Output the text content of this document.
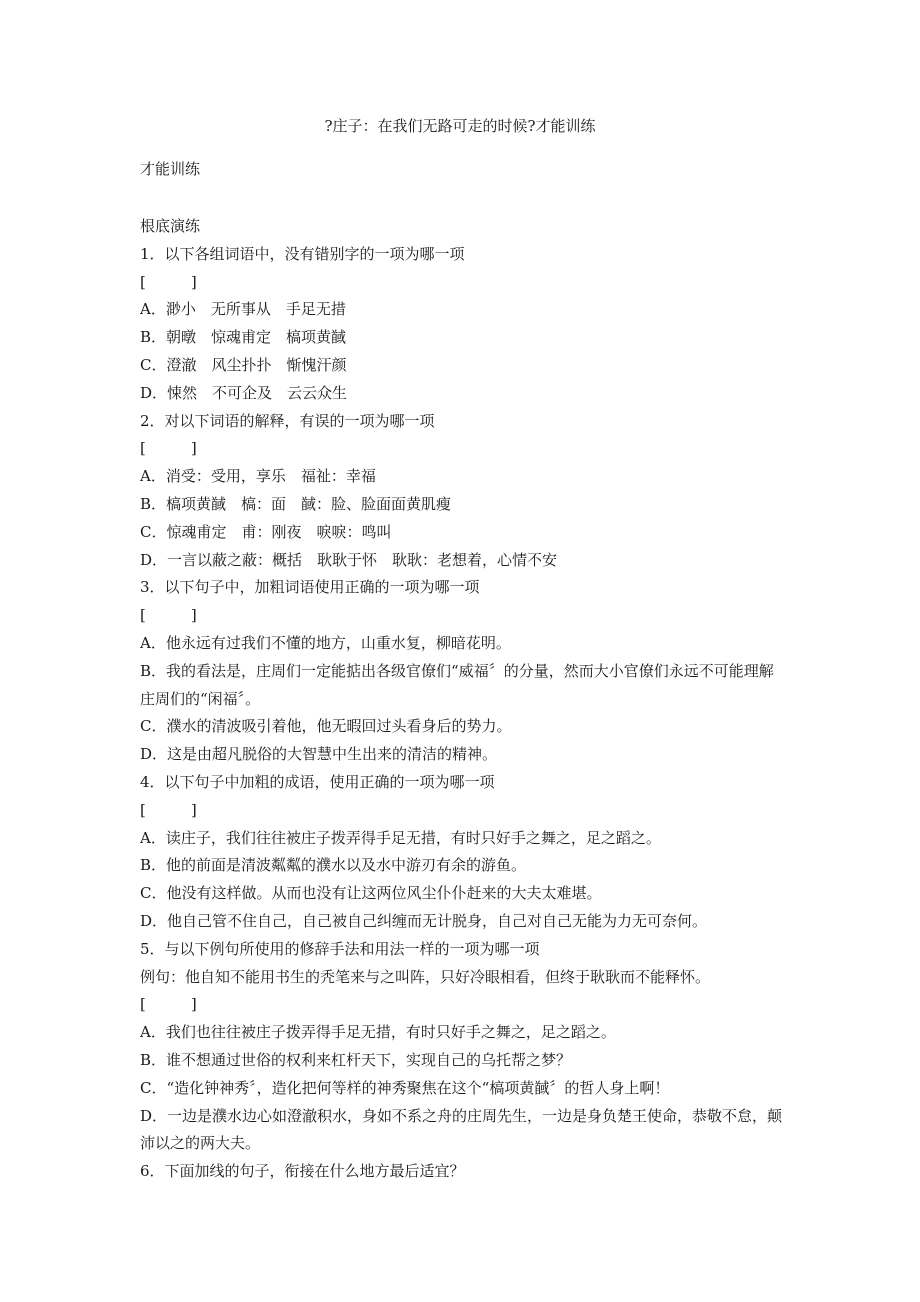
?庄子：在我们无路可走的时候?才能训练
才能训练
根底演练
1．以下各组词语中，没有错别字的一项为哪一项
[　　　]
A．渺小　无所事从　手足无措
B．朝暾　惊魂甫定　槁项黄馘
C．澄澈　风尘扑扑　惭愧汗颜
D．悚然　不可企及　云云众生
2．对以下词语的解释，有误的一项为哪一项
[　　　]
A．消受：受用，享乐　福祉：幸福
B．槁项黄馘　槁：面　馘：脸、脸面面黄肌瘦
C．惊魂甫定　甫：刚夜　唳唳：鸣叫
D．一言以蔽之蔽：概括　耿耿于怀　耿耿：老想着，心情不安
3．以下句子中，加粗词语使用正确的一项为哪一项
[　　　]
A．他永远有过我们不懂的地方，山重水复，柳暗花明。
B．我的看法是，庄周们一定能掂出各级官僚们“威福〞的分量，然而大小官僚们永远不可能理解庄周们的“闲福〞。
C．濮水的清波吸引着他，他无暇回过头看身后的势力。
D．这是由超凡脱俗的大智慧中生出来的清洁的精神。
4．以下句子中加粗的成语，使用正确的一项为哪一项
[　　　]
A．读庄子，我们往往被庄子拨弄得手足无措，有时只好手之舞之，足之蹈之。
B．他的前面是清波粼粼的濮水以及水中游刃有余的游鱼。
C．他没有这样做。从而也没有让这两位风尘仆仆赶来的大夫太难堪。
D．他自己管不住自己，自己被自己纠缠而无计脱身，自己对自己无能为力无可奈何。
5．与以下例句所使用的修辞手法和用法一样的一项为哪一项
例句：他自知不能用书生的秃笔来与之叫阵，只好冷眼相看，但终于耿耿而不能释怀。
[　　　]
A．我们也往往被庄子拨弄得手足无措，有时只好手之舞之，足之蹈之。
B．谁不想通过世俗的权利来杠杆天下，实现自己的乌托帮之梦？
C．“造化钟神秀〞，造化把何等样的神秀聚焦在这个“槁项黄馘〞的哲人身上啊！
D．一边是濮水边心如澄澈积水，身如不系之舟的庄周先生，一边是身负楚王使命，恭敬不怠，颠沛以之的两大夫。
6．下面加线的句子，衔接在什么地方最后适宜？
